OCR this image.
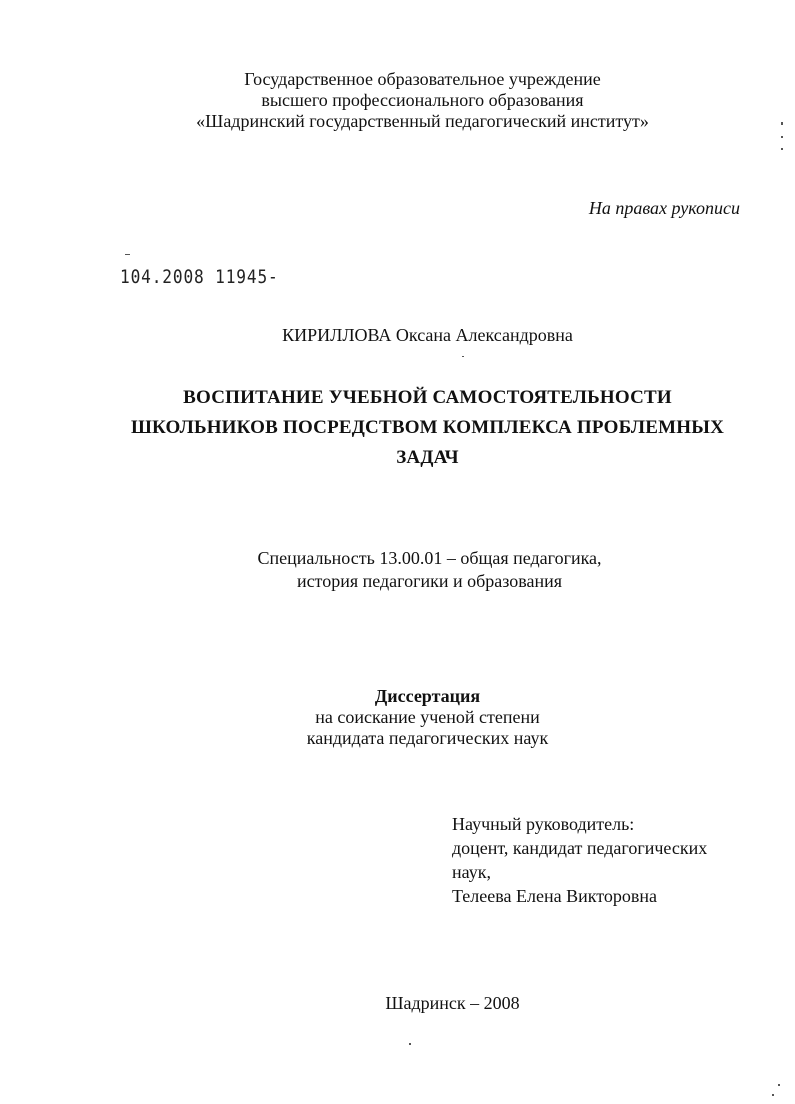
Государственное образовательное учреждение
высшего профессионального образования
«Шадринский государственный педагогический институт»
На правах рукописи
104.2008 11945-
КИРИЛЛОВА Оксана Александровна
ВОСПИТАНИЕ УЧЕБНОЙ САМОСТОЯТЕЛЬНОСТИ
ШКОЛЬНИКОВ ПОСРЕДСТВОМ КОМПЛЕКСА ПРОБЛЕМНЫХ
ЗАДАЧ
Специальность 13.00.01 – общая педагогика,
история педагогики и образования
Диссертация
на соискание ученой степени
кандидата педагогических наук
Научный руководитель:
доцент, кандидат педагогических
наук,
Телеева Елена Викторовна
Шадринск – 2008
